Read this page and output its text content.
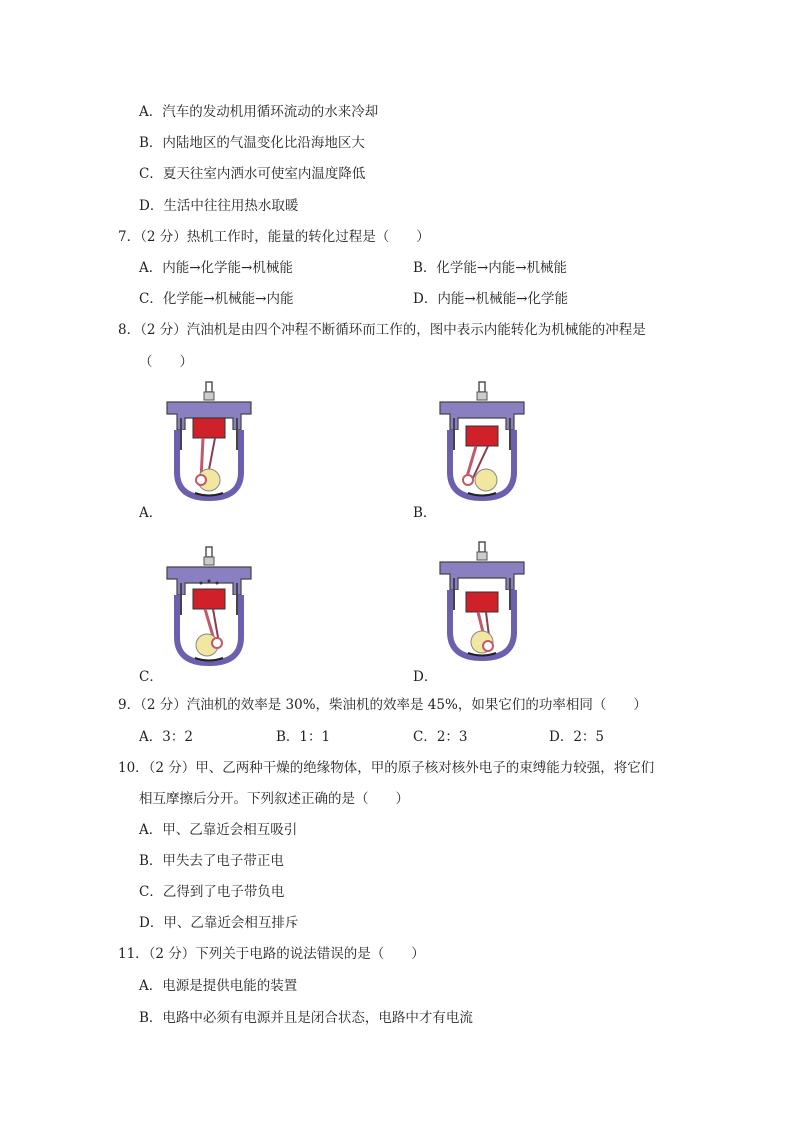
A．汽车的发动机用循环流动的水来冷却
B．内陆地区的气温变化比沿海地区大
C．夏天往室内洒水可使室内温度降低
D．生活中往往用热水取暖
7．（2 分）热机工作时，能量的转化过程是（　　）
A．内能→化学能→机械能	B．化学能→内能→机械能
C．化学能→机械能→内能	D．内能→机械能→化学能
8．（2 分）汽油机是由四个冲程不断循环而工作的，图中表示内能转化为机械能的冲程是
（　　）
A．	B．
C．	D．
9．（2 分）汽油机的效率是 30%，柴油机的效率是 45%，如果它们的功率相同（　　）
A．3：2	B．1：1	C．2：3	D．2：5
10．（2 分）甲、乙两种干燥的绝缘物体，甲的原子核对核外电子的束缚能力较强，将它们
相互摩擦后分开。下列叙述正确的是（　　）
A．甲、乙靠近会相互吸引
B．甲失去了电子带正电
C．乙得到了电子带负电
D．甲、乙靠近会相互排斥
11．（2 分）下列关于电路的说法错误的是（　　）
A．电源是提供电能的装置
B．电路中必须有电源并且是闭合状态，电路中才有电流
